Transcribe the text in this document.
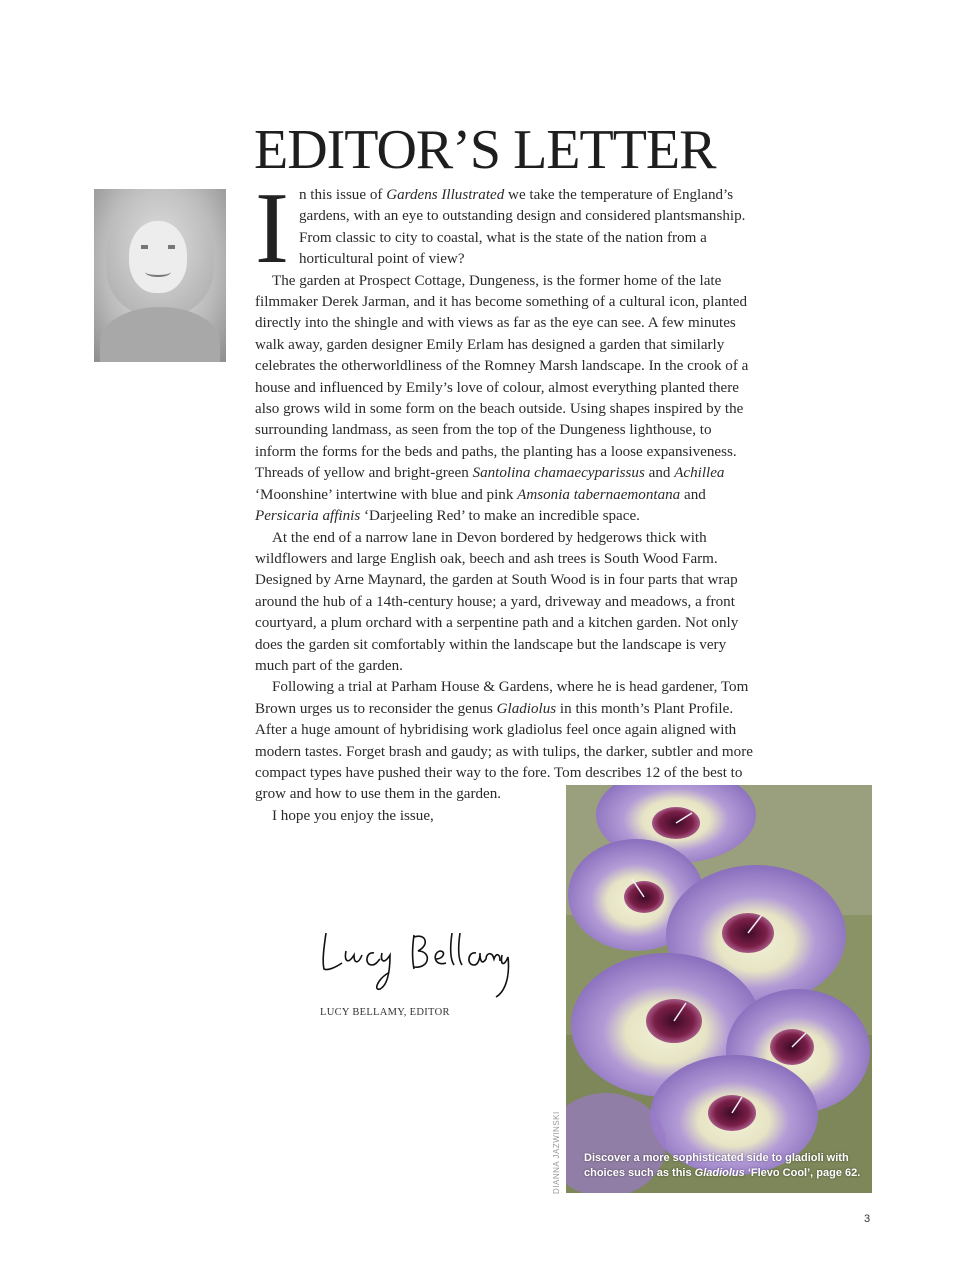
EDITOR’S LETTER

In this issue of Gardens Illustrated we take the temperature of England’s gardens, with an eye to outstanding design and considered plantsmanship. From classic to city to coastal, what is the state of the nation from a horticultural point of view?

The garden at Prospect Cottage, Dungeness, is the former home of the late filmmaker Derek Jarman, and it has become something of a cultural icon, planted directly into the shingle and with views as far as the eye can see. A few minutes walk away, garden designer Emily Erlam has designed a garden that similarly celebrates the otherworldliness of the Romney Marsh landscape. In the crook of a house and influenced by Emily’s love of colour, almost everything planted there also grows wild in some form on the beach outside. Using shapes inspired by the surrounding landmass, as seen from the top of the Dungeness lighthouse, to inform the forms for the beds and paths, the planting has a loose expansiveness. Threads of yellow and bright-green Santolina chamaecyparissus and Achillea ‘Moonshine’ intertwine with blue and pink Amsonia tabernaemontana and Persicaria affinis ‘Darjeeling Red’ to make an incredible space.

At the end of a narrow lane in Devon bordered by hedgerows thick with wildflowers and large English oak, beech and ash trees is South Wood Farm. Designed by Arne Maynard, the garden at South Wood is in four parts that wrap around the hub of a 14th-century house; a yard, driveway and meadows, a front courtyard, a plum orchard with a serpentine path and a kitchen garden. Not only does the garden sit comfortably within the landscape but the landscape is very much part of the garden.

Following a trial at Parham House & Gardens, where he is head gardener, Tom Brown urges us to reconsider the genus Gladiolus in this month’s Plant Profile. After a huge amount of hybridising work gladiolus feel once again aligned with modern tastes. Forget brash and gaudy; as with tulips, the darker, subtler and more compact types have pushed their way to the fore. Tom describes 12 of the best to grow and how to use them in the garden.

I hope you enjoy the issue,

LUCY BELLAMY, EDITOR
Discover a more sophisticated side to gladioli with choices such as this Gladiolus ‘Flevo Cool’, page 62.
DIANNA JAZWINSKI
3
